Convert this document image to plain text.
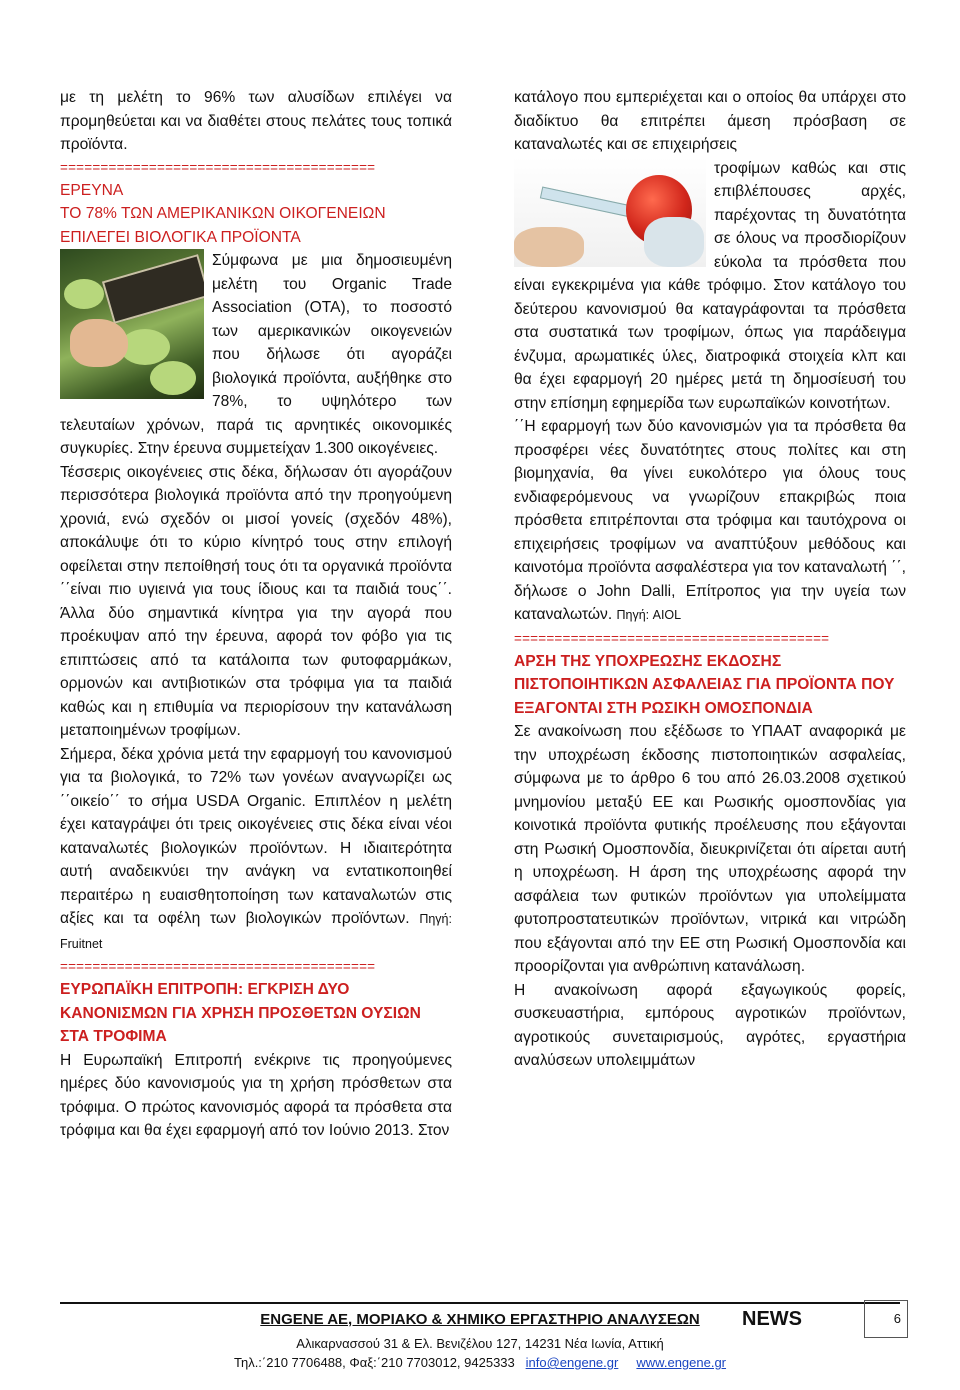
με τη μελέτη το 96% των αλυσίδων επιλέγει να προμηθεύεται και να διαθέτει στους πελάτες τους τοπικά προϊόντα.

=======================================
ΕΡΕΥΝΑ
ΤΟ 78% ΤΩΝ ΑΜΕΡΙΚΑΝΙΚΩΝ ΟΙΚΟΓΕΝΕΙΩΝ ΕΠΙΛΕΓΕΙ ΒΙΟΛΟΓΙΚΑ ΠΡΟΪΟΝΤΑ

Σύμφωνα με μια δημοσιευμένη μελέτη του Organic Trade Association (OTA), το ποσοστό των αμερικανικών οικογενειών που δήλωσε ότι αγοράζει βιολογικά προϊόντα, αυξήθηκε στο 78%, το υψηλότερο των τελευταίων χρόνων, παρά τις αρνητικές οικονομικές συγκυρίες. Στην έρευνα συμμετείχαν 1.300 οικογένειες.

Τέσσερις οικογένειες στις δέκα, δήλωσαν ότι αγοράζουν περισσότερα βιολογικά προϊόντα από την προηγούμενη χρονιά, ενώ σχεδόν οι μισοί γονείς (σχεδόν 48%), αποκάλυψε ότι το κύριο κίνητρό τους στην επιλογή οφείλεται στην πεποίθησή τους ότι τα οργανικά προϊόντα ΄΄είναι πιο υγιεινά για τους ίδιους και τα παιδιά τους΄΄. Άλλα δύο σημαντικά κίνητρα για την αγορά που προέκυψαν από την έρευνα, αφορά τον φόβο για τις επιπτώσεις από τα κατάλοιπα των φυτοφαρμάκων, ορμονών και αντιβιοτικών στα τρόφιμα για τα παιδιά καθώς και η επιθυμία να περιορίσουν την κατανάλωση μεταποιημένων τροφίμων.

Σήμερα, δέκα χρόνια μετά την εφαρμογή του κανονισμού για τα βιολογικά, το 72% των γονέων αναγνωρίζει ως ΄΄οικείο΄΄ το σήμα USDA Organic. Επιπλέον η μελέτη έχει καταγράψει ότι τρεις οικογένειες στις δέκα είναι νέοι καταναλωτές βιολογικών προϊόντων. Η ιδιαιτερότητα αυτή αναδεικνύει την ανάγκη να εντατικοποιηθεί περαιτέρω η ευαισθητοποίηση των καταναλωτών στις αξίες και τα οφέλη των βιολογικών προϊόντων. Πηγή: Fruitnet

=======================================
ΕΥΡΩΠΑΪΚΗ ΕΠΙΤΡΟΠΗ: ΕΓΚΡΙΣΗ ΔΥΟ ΚΑΝΟΝΙΣΜΩΝ ΓΙΑ ΧΡΗΣΗ ΠΡΟΣΘΕΤΩΝ ΟΥΣΙΩΝ ΣΤΑ ΤΡΟΦΙΜΑ

Η Ευρωπαϊκή Επιτροπή ενέκρινε τις προηγούμενες ημέρες δύο κανονισμούς για τη χρήση πρόσθετων στα τρόφιμα. Ο πρώτος κανονισμός αφορά τα πρόσθετα στα τρόφιμα και θα έχει εφαρμογή από τον Ιούνιο 2013. Στον

κατάλογο που εμπεριέχεται και ο οποίος θα υπάρχει στο διαδίκτυο θα επιτρέπει άμεση πρόσβαση σε καταναλωτές και σε επιχειρήσεις

τροφίμων καθώς και στις επιβλέπουσες αρχές, παρέχοντας τη δυνατότητα σε όλους να προσδιορίζουν εύκολα τα πρόσθετα που είναι εγκεκριμένα για κάθε τρόφιμο. Στον κατάλογο του δεύτερου κανονισμού θα καταγράφονται τα πρόσθετα στα συστατικά των τροφίμων, όπως για παράδειγμα ένζυμα, αρωματικές ύλες, διατροφικά στοιχεία κλπ και θα έχει εφαρμογή 20 ημέρες μετά τη δημοσίευσή του στην επίσημη εφημερίδα των ευρωπαϊκών κοινοτήτων.

΄΄Η εφαρμογή των δύο κανονισμών για τα πρόσθετα θα προσφέρει νέες δυνατότητες στους πολίτες και στη βιομηχανία, θα γίνει ευκολότερο για όλους τους ενδιαφερόμενους να γνωρίζουν επακριβώς ποια πρόσθετα επιτρέπονται στα τρόφιμα και ταυτόχρονα οι επιχειρήσεις τροφίμων να αναπτύξουν μεθόδους και καινοτόμα προϊόντα ασφαλέστερα για τον καταναλωτή ΄΄, δήλωσε ο John Dalli, Επίτροπος για την υγεία των καταναλωτών. Πηγή: AIOL

=======================================
ΑΡΣΗ ΤΗΣ ΥΠΟΧΡΕΩΣΗΣ ΕΚΔΟΣΗΣ ΠΙΣΤΟΠΟΙΗΤΙΚΩΝ ΑΣΦΑΛΕΙΑΣ ΓΙΑ ΠΡΟΪΟΝΤΑ ΠΟΥ ΕΞΑΓΟΝΤΑΙ ΣΤΗ ΡΩΣΙΚΗ ΟΜΟΣΠΟΝΔΙΑ

Σε ανακοίνωση που εξέδωσε το ΥΠΑΑΤ αναφορικά με την υποχρέωση έκδοσης πιστοποιητικών ασφαλείας, σύμφωνα με το άρθρο 6 του από 26.03.2008 σχετικού μνημονίου μεταξύ ΕΕ και Ρωσικής ομοσπονδίας για κοινοτικά προϊόντα φυτικής προέλευσης που εξάγονται στη Ρωσική Ομοσπονδία, διευκρινίζεται ότι αίρεται αυτή η υποχρέωση. Η άρση της υποχρέωσης αφορά την ασφάλεια των φυτικών προϊόντων για υπολείμματα φυτοπροστατευτικών προϊόντων, νιτρικά και νιτρώδη που εξάγονται από την ΕΕ στη Ρωσική Ομοσπονδία και προορίζονται για ανθρώπινη κατανάλωση.

Η ανακοίνωση αφορά εξαγωγικούς φορείς, συσκευαστήρια, εμπόρους αγροτικών προϊόντων, αγροτικούς συνεταιρισμούς, αγρότες, εργαστήρια αναλύσεων υπολειμμάτων

ENGENE AE, ΜΟΡΙΑΚΟ & ΧΗΜΙΚΟ ΕΡΓΑΣΤΗΡΙΟ ΑΝΑΛΥΣΕΩΝ
Αλικαρνασσού 31 & Ελ. Βενιζέλου 127, 14231 Νέα Ιωνία, Αττική
Τηλ.:΄210 7706488, Φαξ:΄210 7703012, 9425333 info@engene.gr www.engene.gr
NEWS	6
